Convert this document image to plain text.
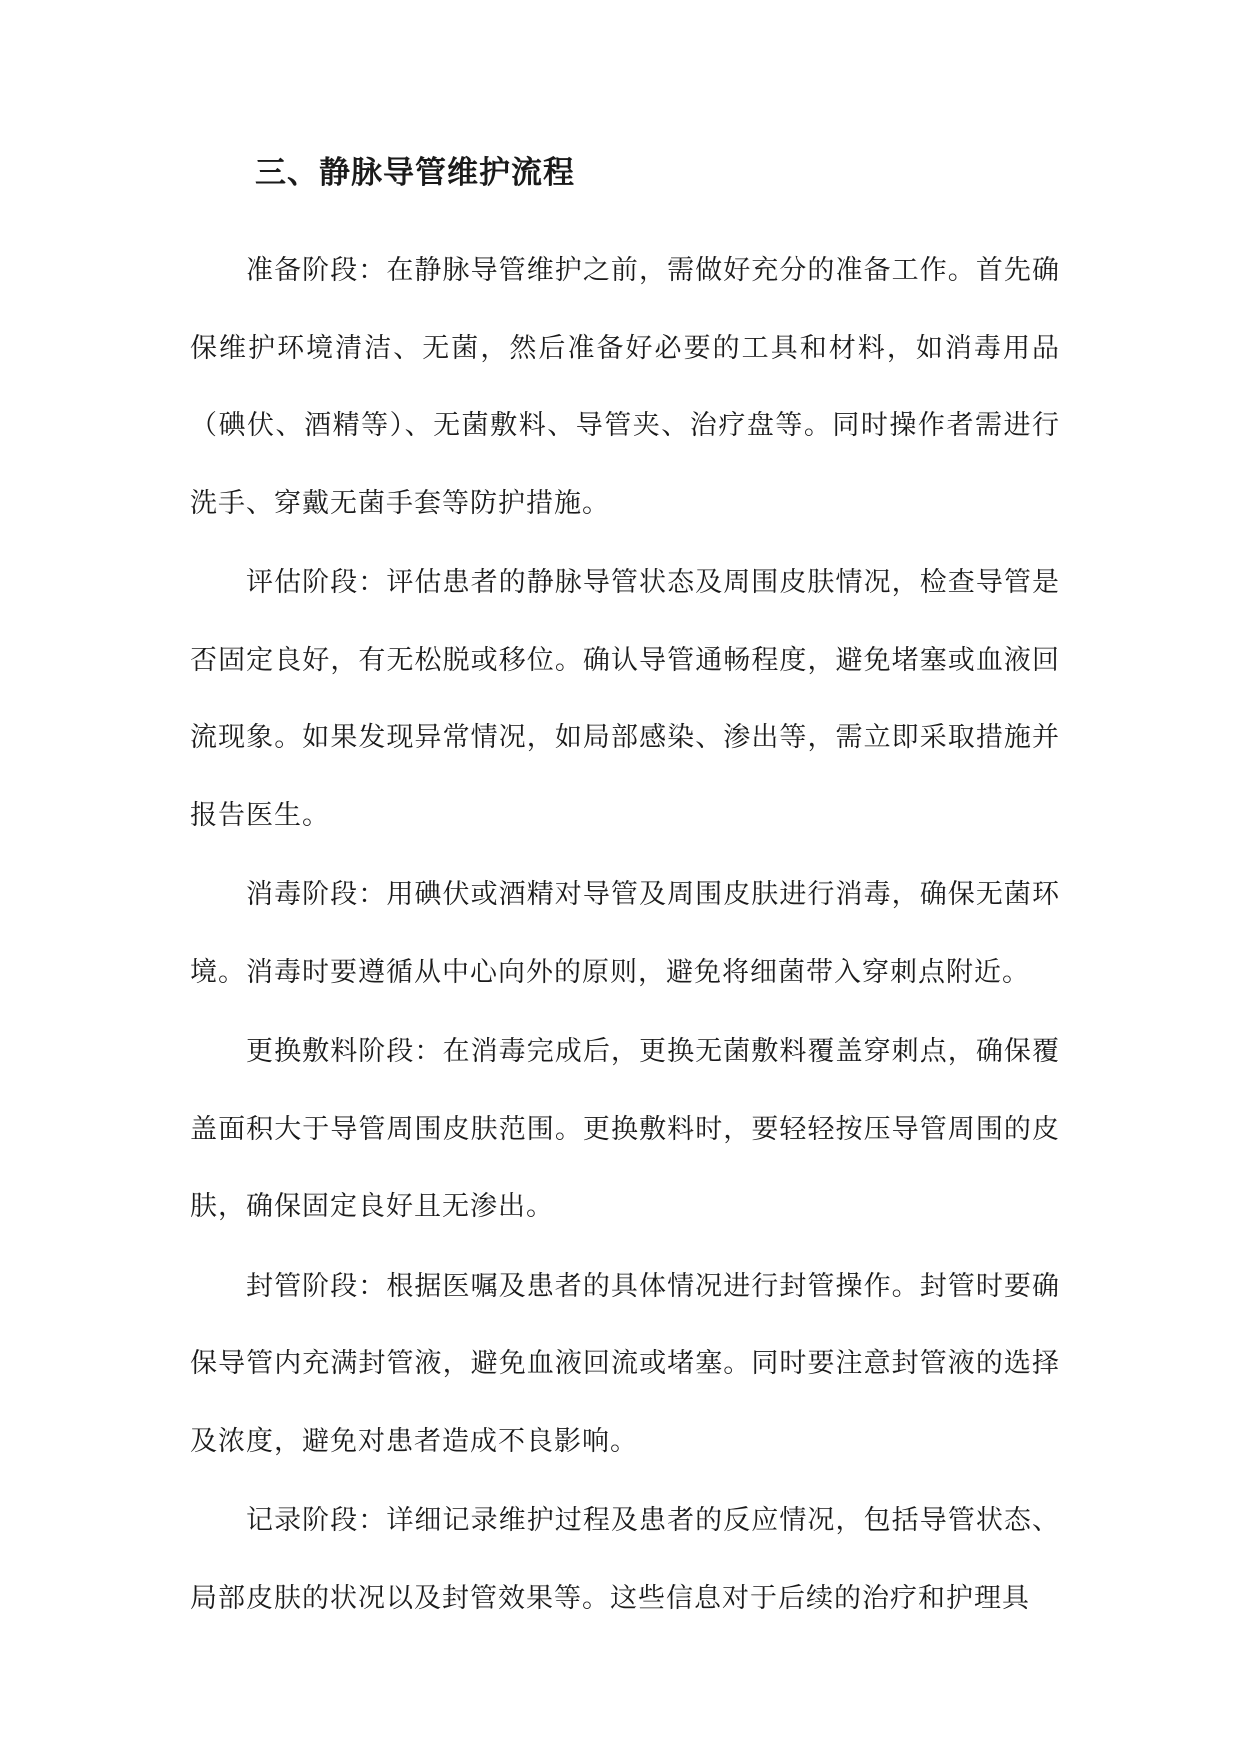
三、静脉导管维护流程

准备阶段：在静脉导管维护之前，需做好充分的准备工作。首先确保维护环境清洁、无菌，然后准备好必要的工具和材料，如消毒用品（碘伏、酒精等）、无菌敷料、导管夹、治疗盘等。同时操作者需进行洗手、穿戴无菌手套等防护措施。

评估阶段：评估患者的静脉导管状态及周围皮肤情况，检查导管是否固定良好，有无松脱或移位。确认导管通畅程度，避免堵塞或血液回流现象。如果发现异常情况，如局部感染、渗出等，需立即采取措施并报告医生。

消毒阶段：用碘伏或酒精对导管及周围皮肤进行消毒，确保无菌环境。消毒时要遵循从中心向外的原则，避免将细菌带入穿刺点附近。

更换敷料阶段：在消毒完成后，更换无菌敷料覆盖穿刺点，确保覆盖面积大于导管周围皮肤范围。更换敷料时，要轻轻按压导管周围的皮肤，确保固定良好且无渗出。

封管阶段：根据医嘱及患者的具体情况进行封管操作。封管时要确保导管内充满封管液，避免血液回流或堵塞。同时要注意封管液的选择及浓度，避免对患者造成不良影响。

记录阶段：详细记录维护过程及患者的反应情况，包括导管状态、局部皮肤的状况以及封管效果等。这些信息对于后续的治疗和护理具
